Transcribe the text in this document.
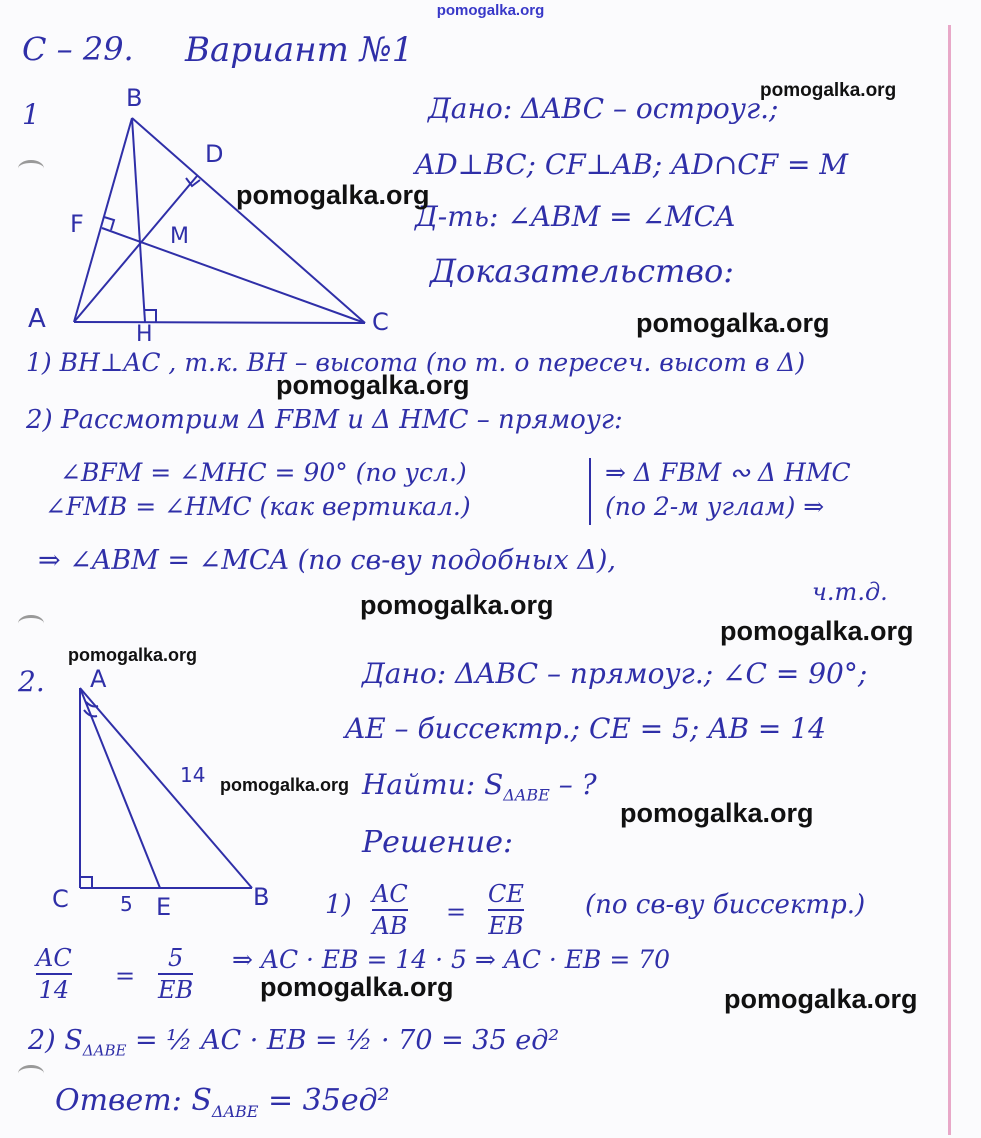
pomogalka.org
С – 29. Вариант №1
1	B
D
F	M
A
H	C
Дано: ΔABC – остроуг.;
AD⊥BC; CF⊥AB; AD∩CF = M
Д-ть: ∠ABM = ∠MCA
Доказательство:
1) BH⊥AC , т.к. BH – высота (по т. о пересеч. высот в Δ)
2) Рассмотрим Δ FBM и Δ HMC – прямоуг:
∠BFM = ∠MHC = 90° (по усл.)
∠FMB = ∠HMC (как вертикал.)
⇒ Δ FBM ∾ Δ HMC
(по 2-м углам) ⇒
⇒ ∠ABM = ∠MCA (по св-ву подобных Δ),
ч.т.д.
2. A
C	E	B
14
5
Дано: ΔABC – прямоуг.; ∠C = 90°;
AE – биссектр.; CE = 5; AB = 14
Найти: $S_{\Delta ABE}$ – ?
Решение:
1) AC
AB =
CE
EB
(по св-ву биссектр.)
AC
14 =
5
EB
⇒ AC · EB = 14 · 5 ⇒ AC · EB = 70
2) $S_{\Delta ABE}$ = ½ AC · EB = ½ · 70 = 35 ед²
Ответ: $S_{\Delta ABE} = 35ед^2$
pomogalka.org
pomogalka.org
pomogalka.org
pomogalka.org
pomogalka.org
pomogalka.org
pomogalka.org
pomogalka.org
pomogalka.org
pomogalka.org	pomogalka.org
